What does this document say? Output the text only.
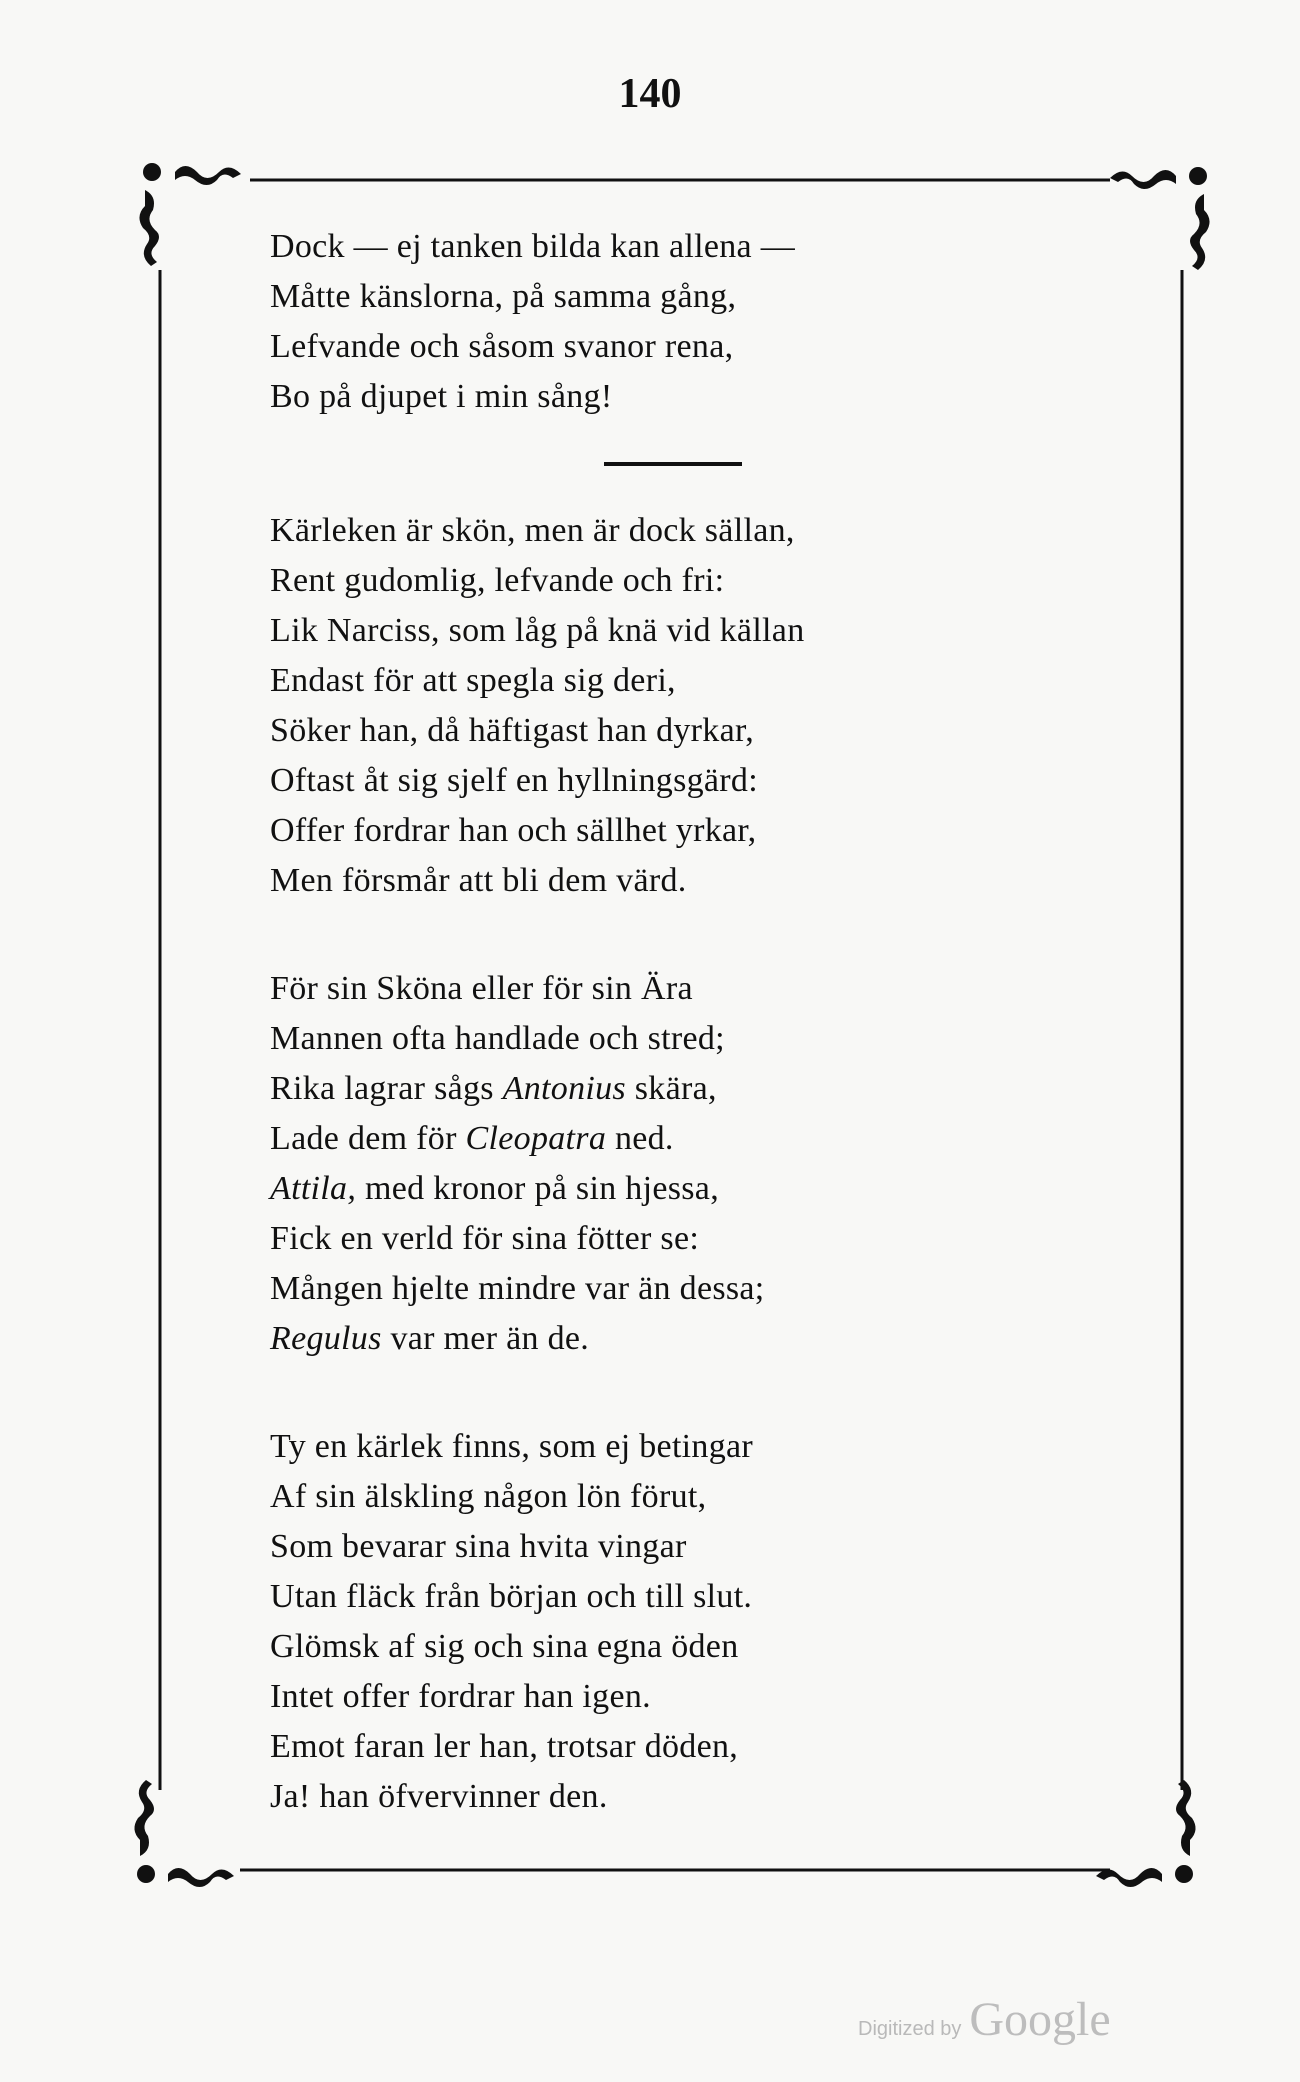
140
Dock — ej tanken bilda kan allena —
Måtte känslorna, på samma gång,
Lefvande och såsom svanor rena,
Bo på djupet i min sång!
Kärleken är skön, men är dock sällan,
Rent gudomlig, lefvande och fri:
Lik Narciss, som låg på knä vid källan
Endast för att spegla sig deri,
Söker han, då häftigast han dyrkar,
Oftast åt sig sjelf en hyllningsgärd:
Offer fordrar han och sällhet yrkar,
Men försmår att bli dem värd.
För sin Sköna eller för sin Ära
Mannen ofta handlade och stred;
Rika lagrar sågs Antonius skära,
Lade dem för Cleopatra ned.
Attila, med kronor på sin hjessa,
Fick en verld för sina fötter se:
Mången hjelte mindre var än dessa;
Regulus var mer än de.
Ty en kärlek finns, som ej betingar
Af sin älskling någon lön förut,
Som bevarar sina hvita vingar
Utan fläck från början och till slut.
Glömsk af sig och sina egna öden
Intet offer fordrar han igen.
Emot faran ler han, trotsar döden,
Ja! han öfvervinner den.
Digitized by Google
